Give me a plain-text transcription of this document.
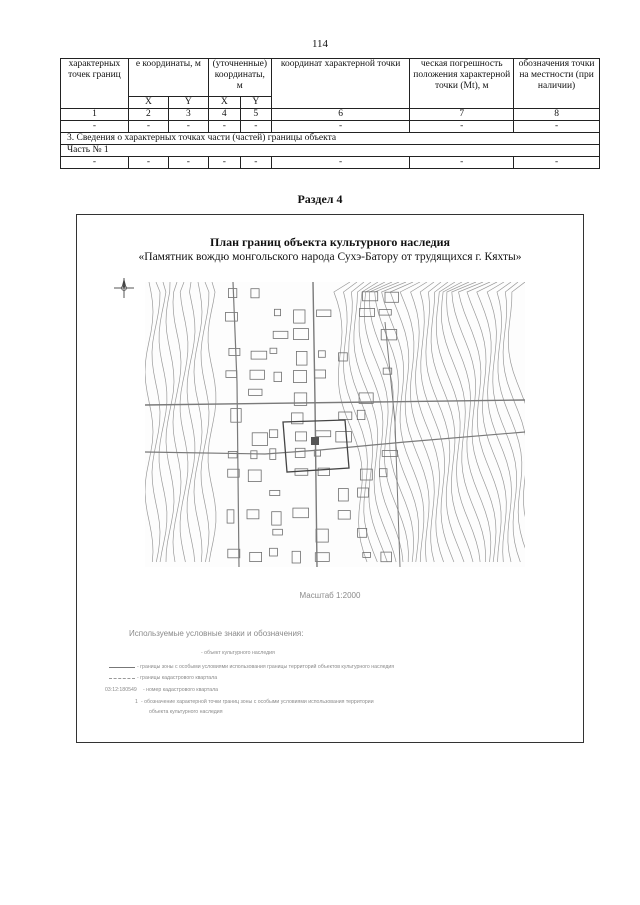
114
характерных точек границ	е координаты, м		(уточненные) координаты, м		координат характерной точки	ческая погрешность положения характерной точки (Mt), м	обозначения точки на местности (при наличии)
	X	Y	X	Y			
1	2	3	4	5	6	7	8
-	-	-	-	-	-	-	-
3. Сведения о характерных точках части (частей) границы объекта							
Часть № 1							
-	-	-	-	-	-	-	-
Раздел 4
План границ объекта культурного наследия
«Памятник вождю монгольского народа Сухэ-Батору от трудящихся г. Кяхты»
Масштаб 1:2000
Используемые условные знаки и обозначения:
- объект культурного наследия
- границы зоны с особыми условиями использования границы территорий объектов культурного наследия
- границы кадастрового квартала
03:12:180549 - номер кадастрового квартала
1 - обозначение характерной точки границ зоны с особыми условиями использования территории
объекта культурного наследия
